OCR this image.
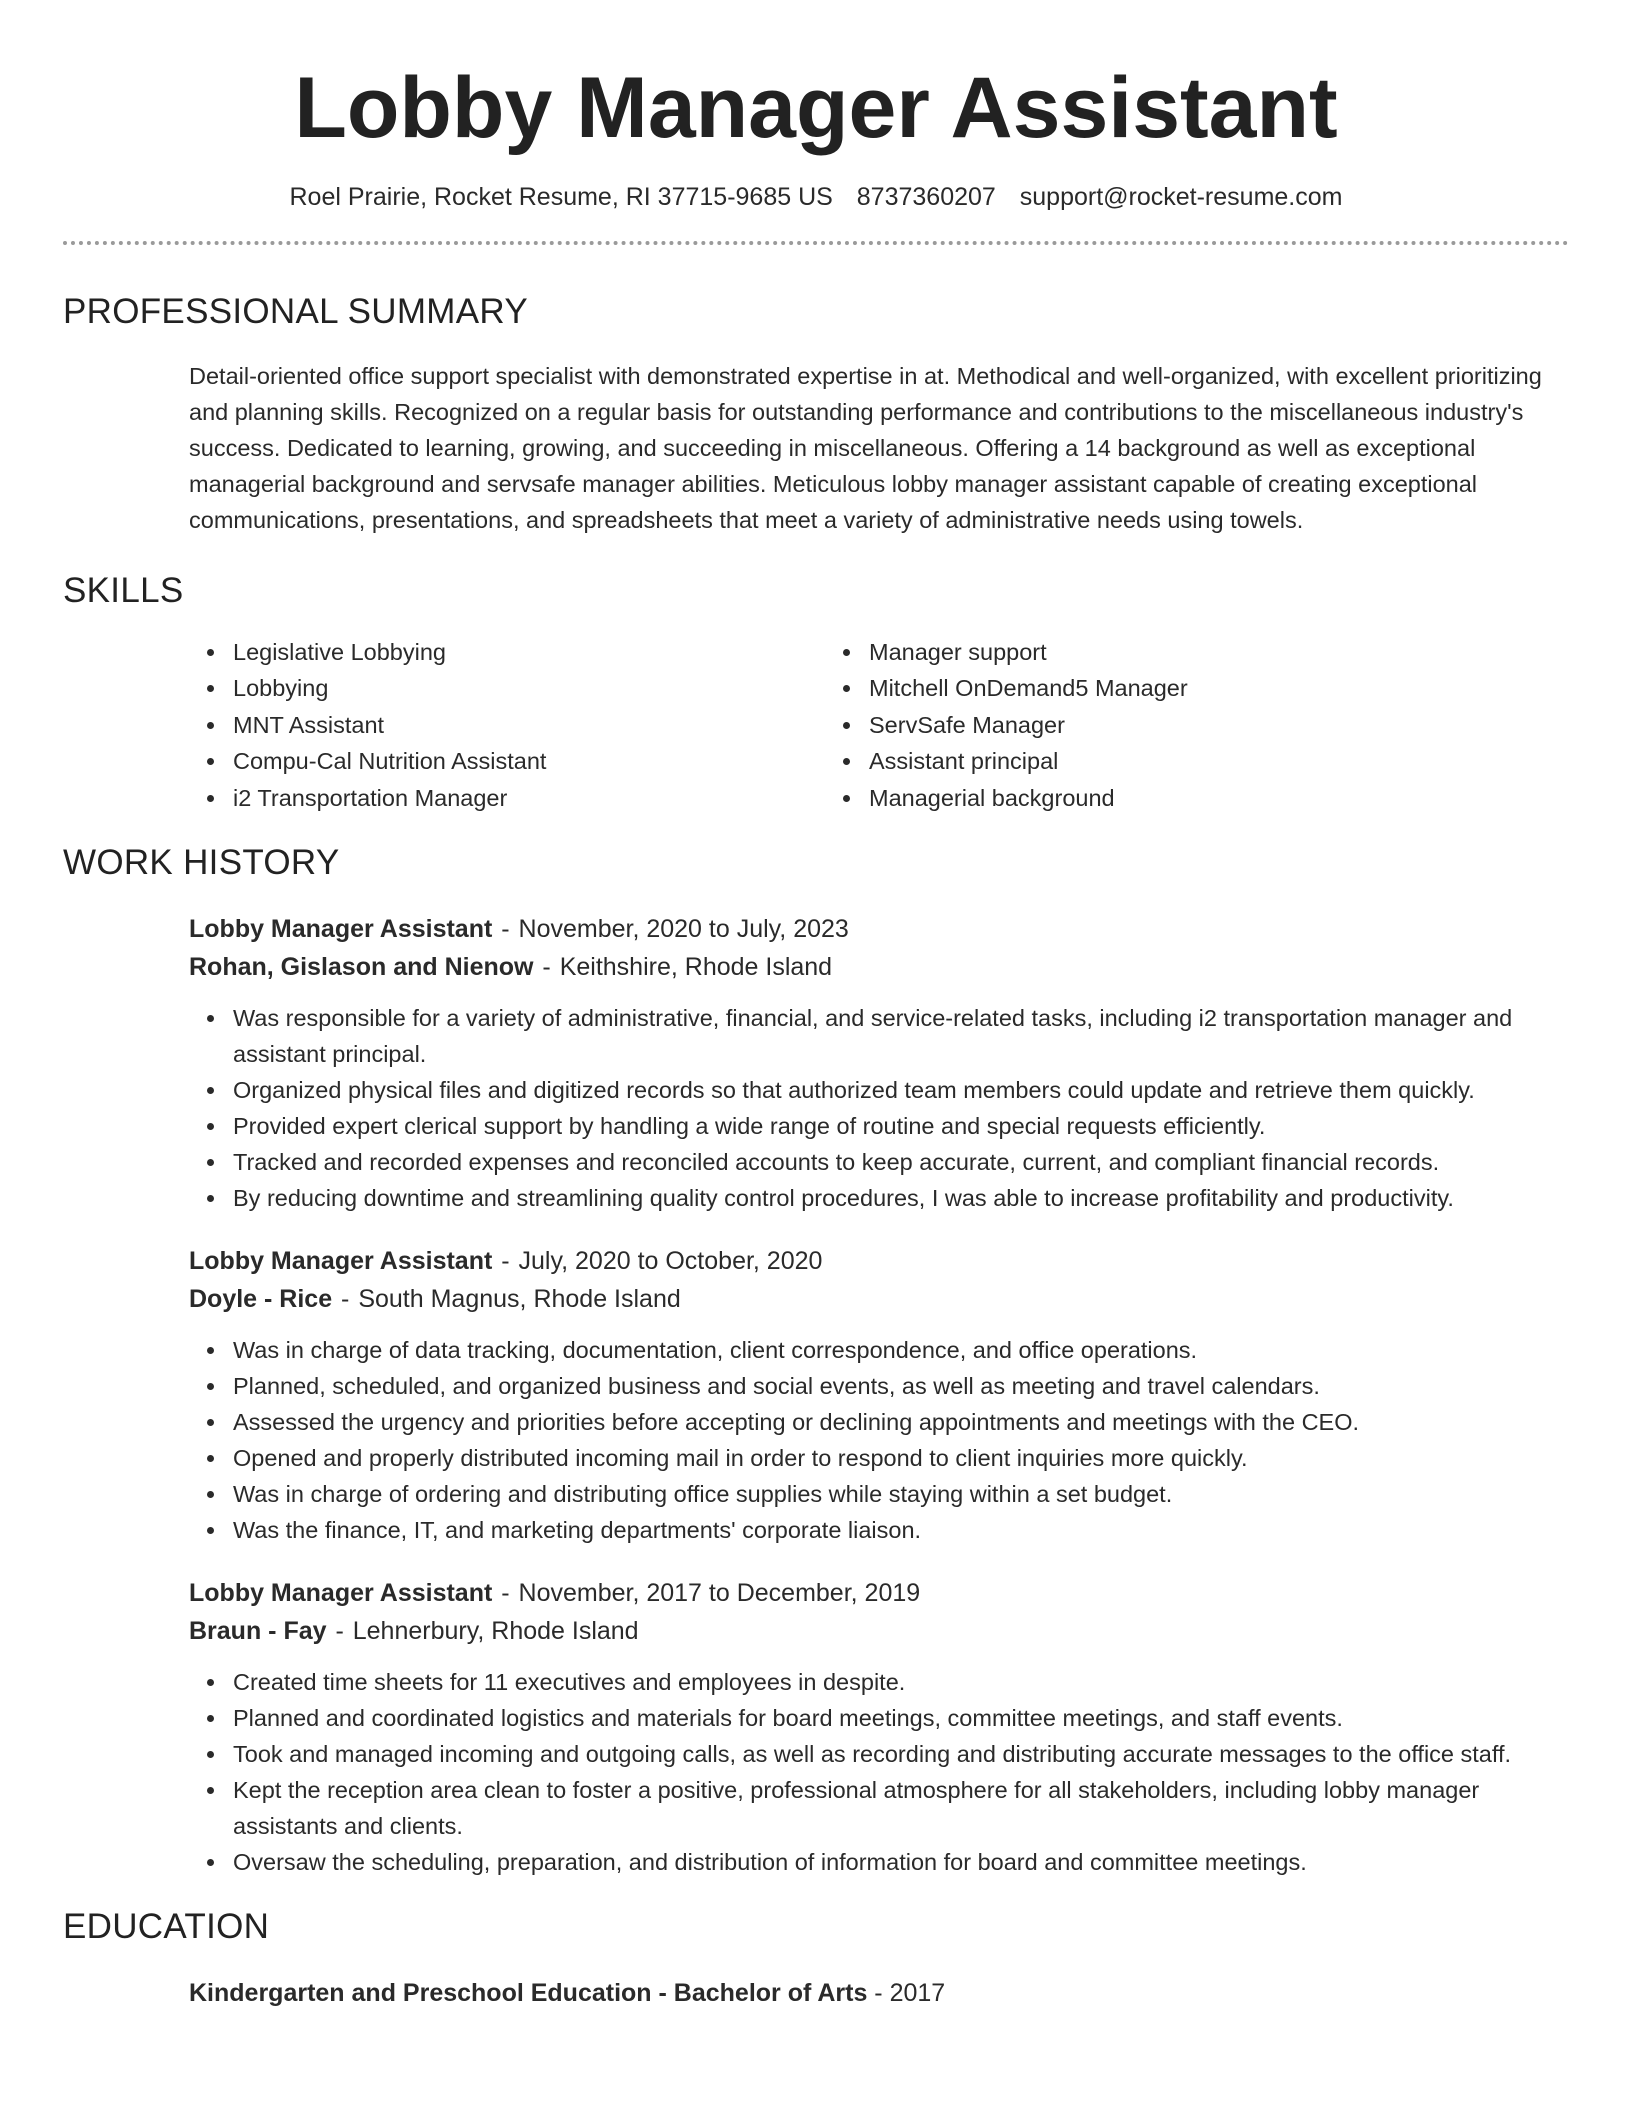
Lobby Manager Assistant
Roel Prairie, Rocket Resume, RI 37715-9685 US 8737360207 support@rocket-resume.com
PROFESSIONAL SUMMARY
Detail-oriented office support specialist with demonstrated expertise in at. Methodical and well-organized, with excellent prioritizing and planning skills. Recognized on a regular basis for outstanding performance and contributions to the miscellaneous industry's success. Dedicated to learning, growing, and succeeding in miscellaneous. Offering a 14 background as well as exceptional managerial background and servsafe manager abilities. Meticulous lobby manager assistant capable of creating exceptional communications, presentations, and spreadsheets that meet a variety of administrative needs using towels.
SKILLS
Legislative Lobbying
Lobbying
MNT Assistant
Compu-Cal Nutrition Assistant
i2 Transportation Manager
Manager support
Mitchell OnDemand5 Manager
ServSafe Manager
Assistant principal
Managerial background
WORK HISTORY
Lobby Manager Assistant - November, 2020 to July, 2023
Rohan, Gislason and Nienow - Keithshire, Rhode Island
Was responsible for a variety of administrative, financial, and service-related tasks, including i2 transportation manager and assistant principal.
Organized physical files and digitized records so that authorized team members could update and retrieve them quickly.
Provided expert clerical support by handling a wide range of routine and special requests efficiently.
Tracked and recorded expenses and reconciled accounts to keep accurate, current, and compliant financial records.
By reducing downtime and streamlining quality control procedures, I was able to increase profitability and productivity.
Lobby Manager Assistant - July, 2020 to October, 2020
Doyle - Rice - South Magnus, Rhode Island
Was in charge of data tracking, documentation, client correspondence, and office operations.
Planned, scheduled, and organized business and social events, as well as meeting and travel calendars.
Assessed the urgency and priorities before accepting or declining appointments and meetings with the CEO.
Opened and properly distributed incoming mail in order to respond to client inquiries more quickly.
Was in charge of ordering and distributing office supplies while staying within a set budget.
Was the finance, IT, and marketing departments' corporate liaison.
Lobby Manager Assistant - November, 2017 to December, 2019
Braun - Fay - Lehnerbury, Rhode Island
Created time sheets for 11 executives and employees in despite.
Planned and coordinated logistics and materials for board meetings, committee meetings, and staff events.
Took and managed incoming and outgoing calls, as well as recording and distributing accurate messages to the office staff.
Kept the reception area clean to foster a positive, professional atmosphere for all stakeholders, including lobby manager assistants and clients.
Oversaw the scheduling, preparation, and distribution of information for board and committee meetings.
EDUCATION
Kindergarten and Preschool Education - Bachelor of Arts - 2017
